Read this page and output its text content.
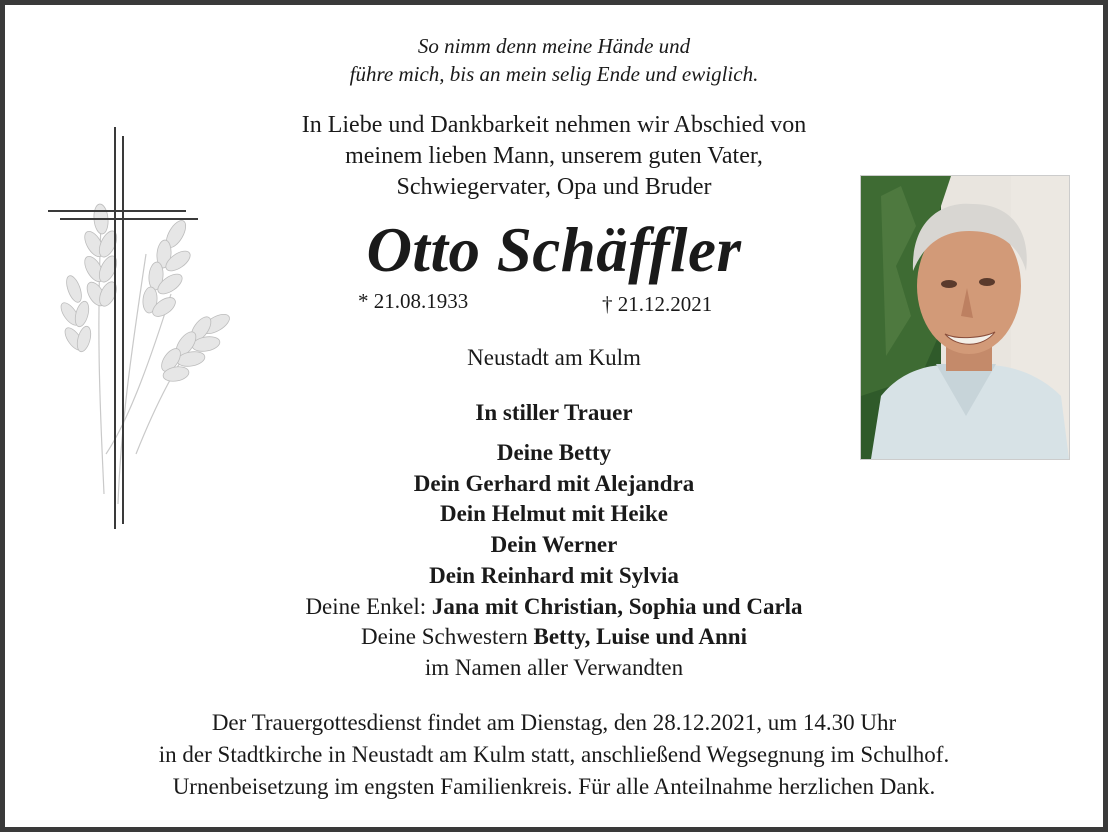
So nimm denn meine Hände und
führe mich, bis an mein selig Ende und ewiglich.
In Liebe und Dankbarkeit nehmen wir Abschied von
meinem lieben Mann, unserem guten Vater,
Schwiegervater, Opa und Bruder
Otto Schäffler
* 21.08.1933	† 21.12.2021
Neustadt am Kulm
In stiller Trauer
Deine Betty
Dein Gerhard mit Alejandra
Dein Helmut mit Heike
Dein Werner
Dein Reinhard mit Sylvia
Deine Enkel: Jana mit Christian, Sophia und Carla
Deine Schwestern Betty, Luise und Anni
im Namen aller Verwandten
Der Trauergottesdienst findet am Dienstag, den 28.12.2021, um 14.30 Uhr
in der Stadtkirche in Neustadt am Kulm statt, anschließend Wegsegnung im Schulhof.
Urnenbeisetzung im engsten Familienkreis. Für alle Anteilnahme herzlichen Dank.
